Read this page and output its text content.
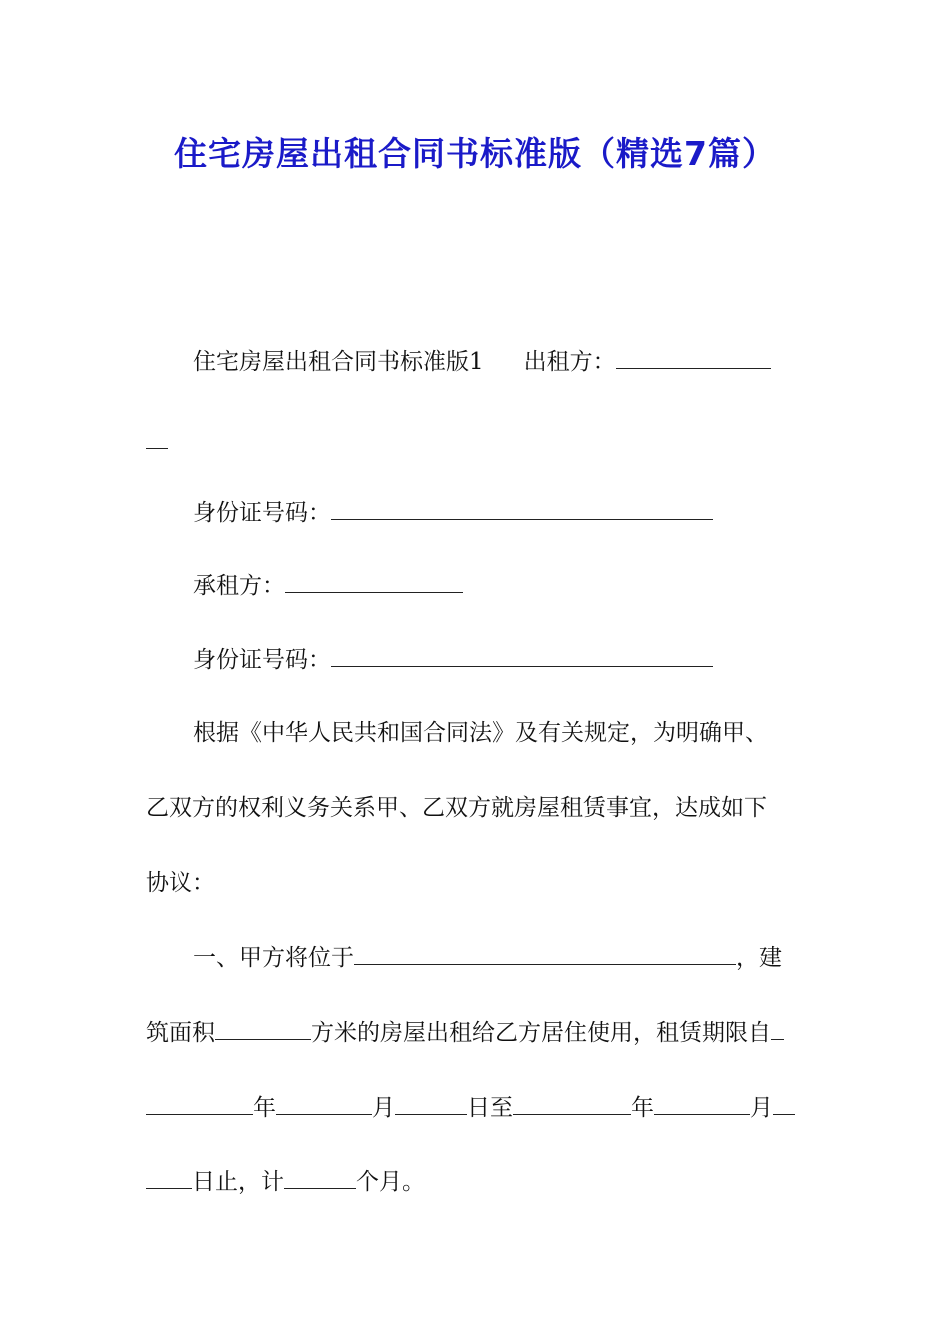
住宅房屋出租合同书标准版（精选7篇）
住宅房屋出租合同书标准版1 出租方：
身份证号码：
承租方：
身份证号码：
根据《中华人民共和国合同法》及有关规定，为明确甲、
乙双方的权利义务关系甲、乙双方就房屋租赁事宜，达成如下
协议：
一、甲方将位于	，建
筑面积	方米的房屋出租给乙方居住使用，租赁期限自
年	月	日至	年	月
日止，计	个月。
